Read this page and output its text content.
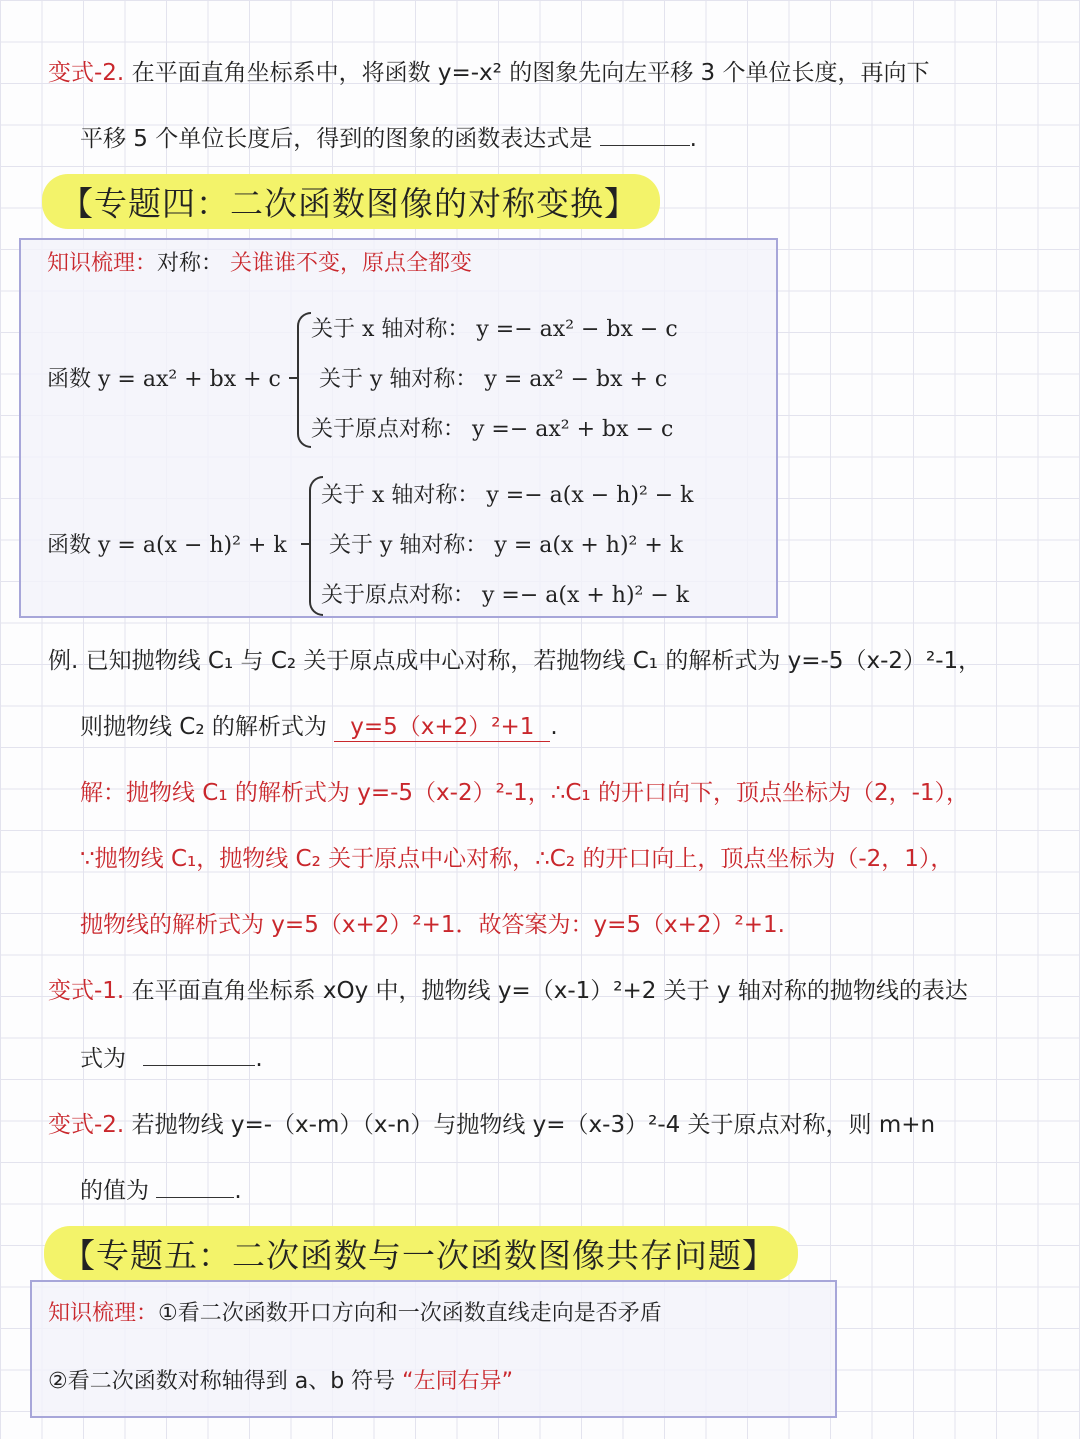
变式-2. 在平面直角坐标系中，将函数 y=-x² 的图象先向左平移 3 个单位长度，再向下
平移 5 个单位长度后，得到的图象的函数表达式是	.
【专题四：二次函数图像的对称变换】
知识梳理：对称： 关谁谁不变，原点全都变
函数 y = ax² + bx + c
关于 x 轴对称： y =− ax² − bx − c
关于 y 轴对称： y = ax² − bx + c
关于原点对称： y =− ax² + bx − c
函数 y = a(x − h)² + k
关于 x 轴对称： y =− a(x − h)² − k
关于 y 轴对称： y = a(x + h)² + k
关于原点对称： y =− a(x + h)² − k
例. 已知抛物线 C₁ 与 C₂ 关于原点成中心对称，若抛物线 C₁ 的解析式为 y=-5（x-2）²-1，
则抛物线 C₂ 的解析式为 y=5（x+2）²+1 .
解：抛物线 C₁ 的解析式为 y=-5（x-2）²-1，∴C₁ 的开口向下，顶点坐标为（2，-1），
∵抛物线 C₁，抛物线 C₂ 关于原点中心对称，∴C₂ 的开口向上，顶点坐标为（-2，1），
抛物线的解析式为 y=5（x+2）²+1．故答案为：y=5（x+2）²+1.
变式-1. 在平面直角坐标系 xOy 中，抛物线 y=（x-1）²+2 关于 y 轴对称的抛物线的表达
式为	.
变式-2. 若抛物线 y=-（x-m）（x-n）与抛物线 y=（x-3）²-4 关于原点对称，则 m+n
的值为	.
【专题五：二次函数与一次函数图像共存问题】
知识梳理：①看二次函数开口方向和一次函数直线走向是否矛盾
②看二次函数对称轴得到 a、b 符号 “左同右异”
